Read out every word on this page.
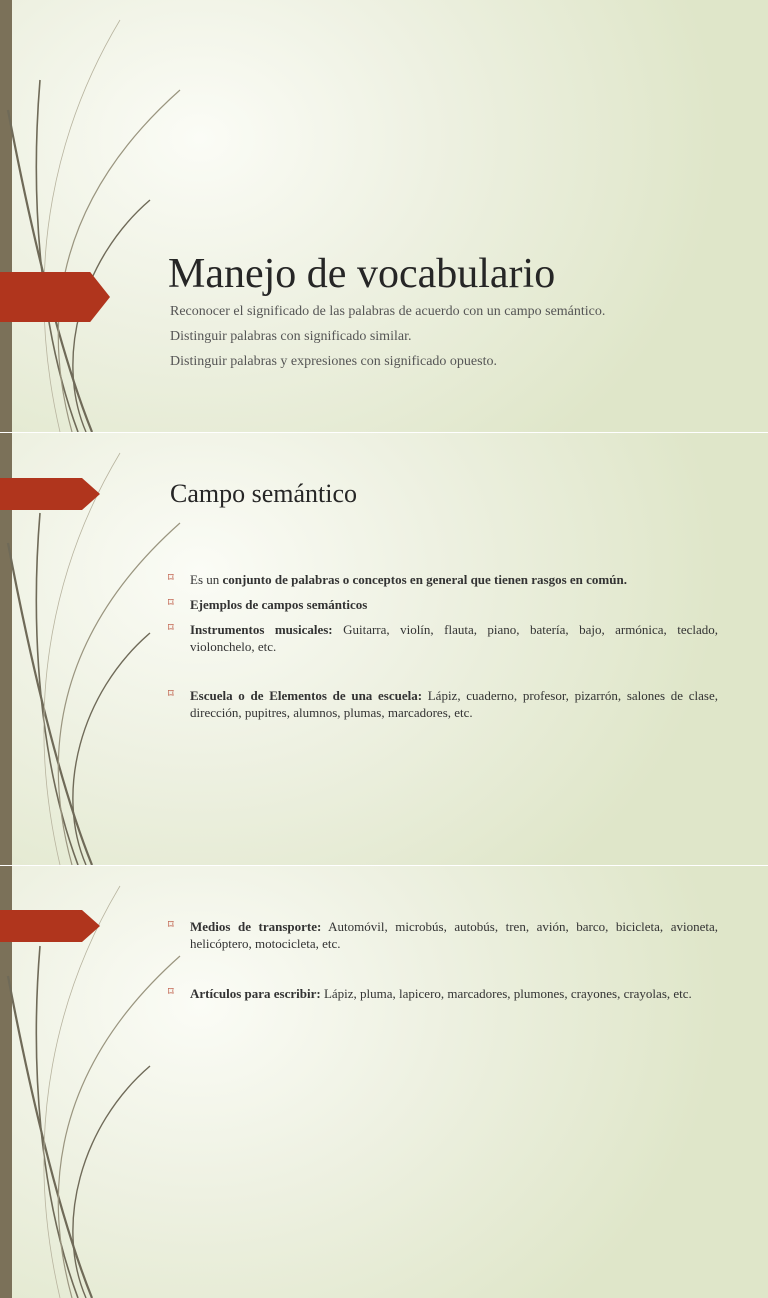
Manejo de vocabulario
Reconocer el significado de las palabras de acuerdo con un campo semántico.
Distinguir palabras con significado similar.
Distinguir palabras y expresiones con significado opuesto.
Campo semántico
⌑ Es un conjunto de palabras o conceptos en general que tienen rasgos en común.
⌑ Ejemplos de campos semánticos
⌑ Instrumentos musicales: Guitarra, violín, flauta, piano, batería, bajo, armónica, teclado, violonchelo, etc.
⌑ Escuela o de Elementos de una escuela: Lápiz, cuaderno, profesor, pizarrón, salones de clase, dirección, pupitres, alumnos, plumas, marcadores, etc.
⌑ Medios de transporte: Automóvil, microbús, autobús, tren, avión, barco, bicicleta, avioneta, helicóptero, motocicleta, etc.
⌑ Artículos para escribir: Lápiz, pluma, lapicero, marcadores, plumones, crayones, crayolas, etc.
